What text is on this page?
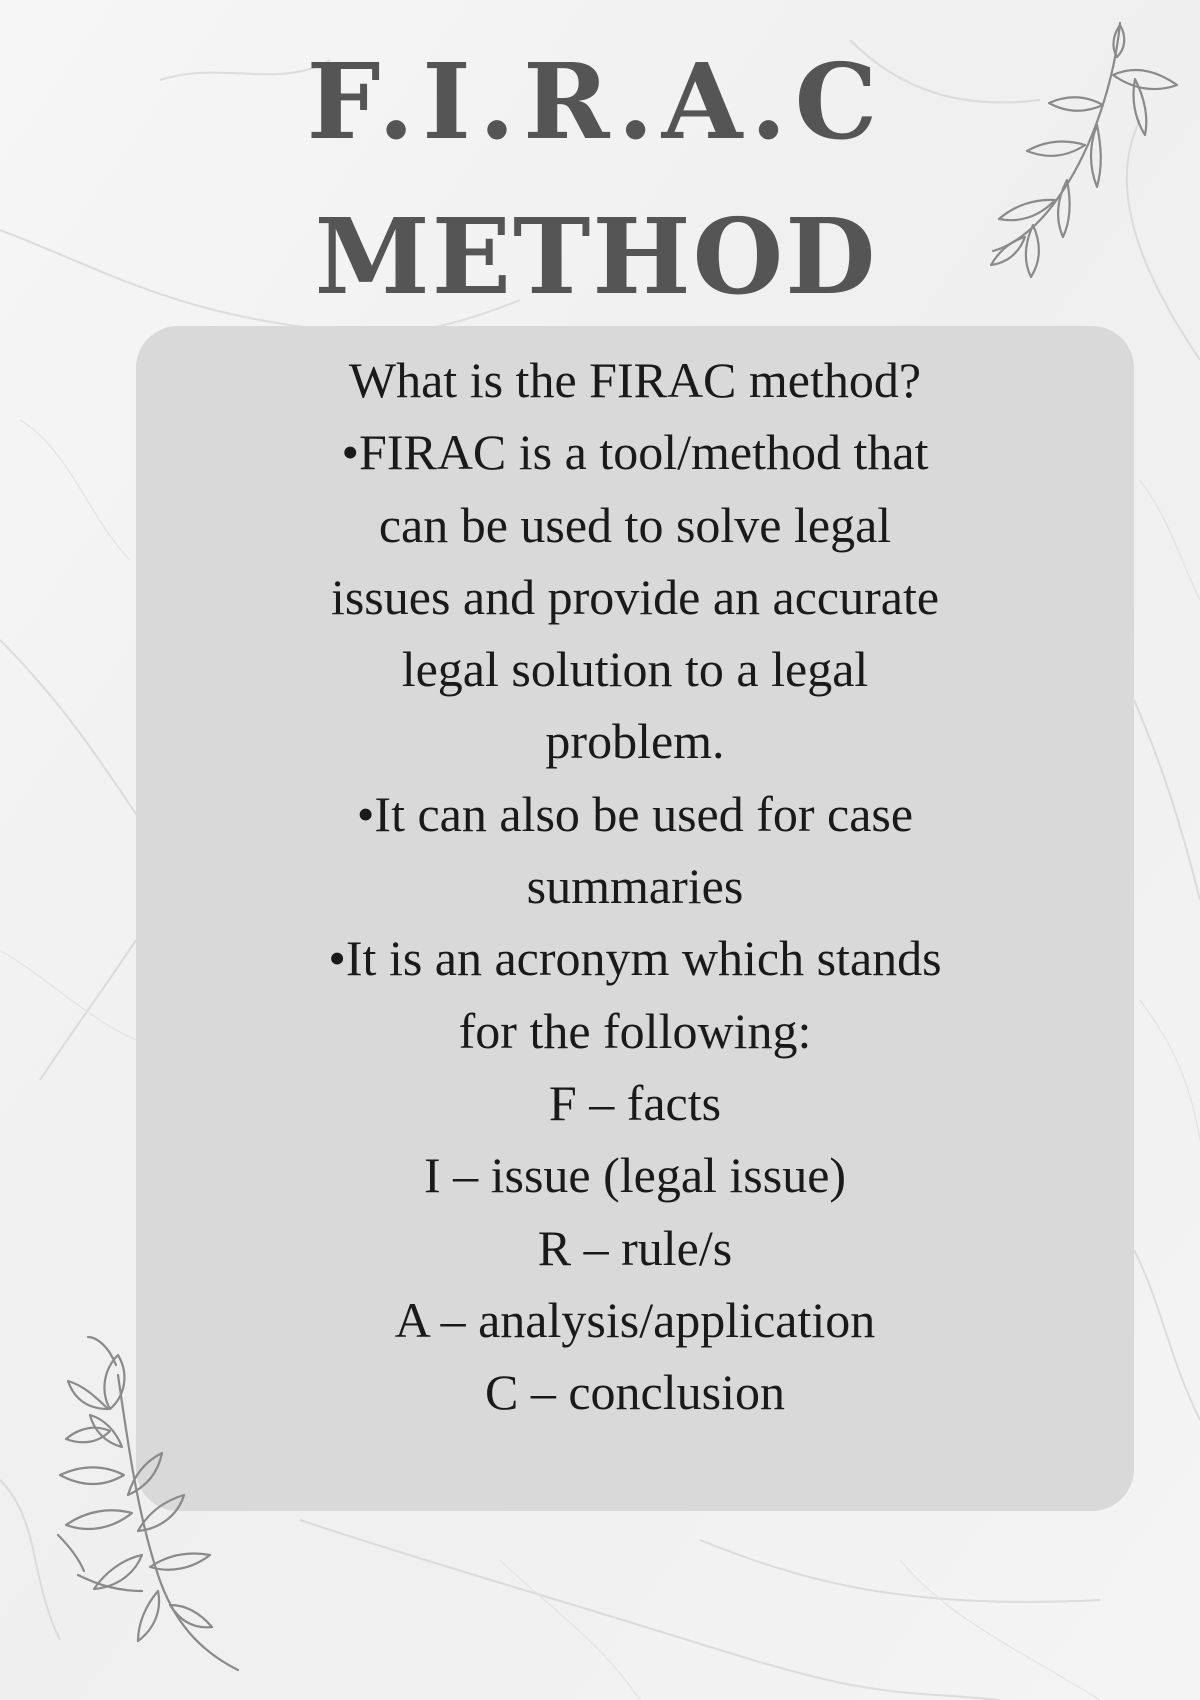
F.I.R.A.C
METHOD
What is the FIRAC method?
•FIRAC is a tool/method that
can be used to solve legal
issues and provide an accurate
legal solution to a legal
problem.
•It can also be used for case
summaries
•It is an acronym which stands
for the following:
F – facts
I – issue (legal issue)
R – rule/s
A – analysis/application
C – conclusion
